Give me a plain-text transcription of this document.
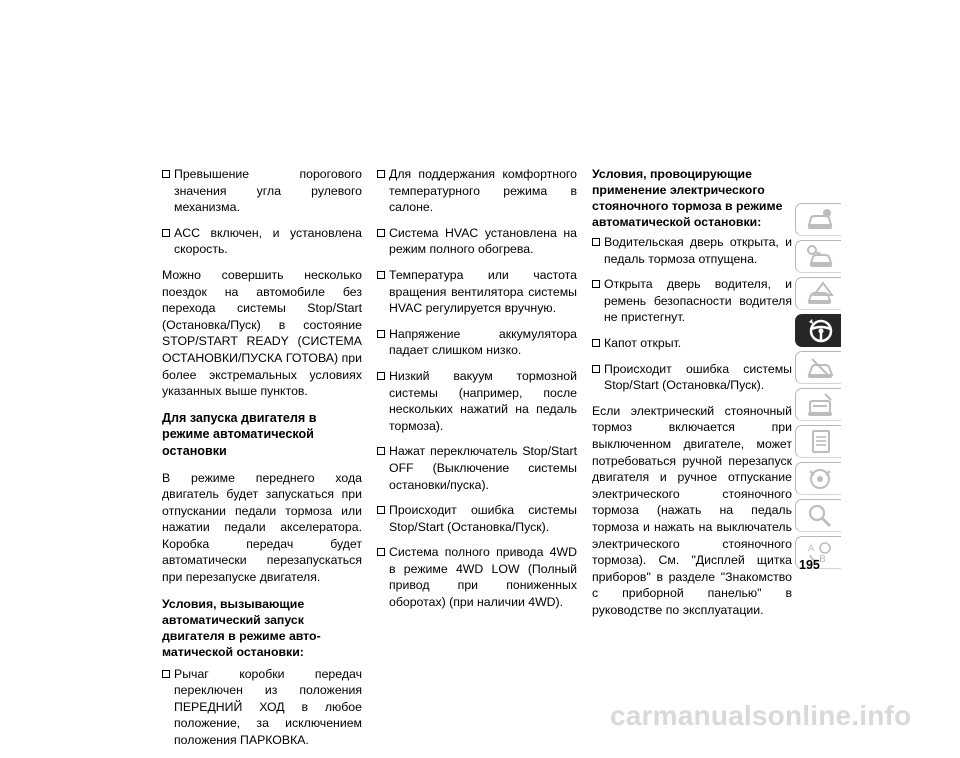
Превышение порогового значения угла рулевого механизма.
ACC включен, и установлена скорость.

Можно совершить несколько поездок на автомобиле без перехода системы Stop/Start (Остановка/Пуск) в состояние STOP/START READY (СИСТЕМА ОСТАНОВКИ/ПУСКА ГОТОВА) при более экстремальных условиях указанных выше пунктов.

Для запуска двигателя в режиме автоматической остановки

В режиме переднего хода двигатель будет запускаться при отпускании педали тормоза или нажатии педали акселератора. Коробка передач будет автоматически перезапускаться при перезапуске двигателя.

Условия, вызывающие автоматический запуск двигателя в режиме автоматической остановки:
Рычаг коробки передач переключен из положения ПЕРЕДНИЙ ХОД в любое положение, за исключением положения ПАРКОВКА.
Для поддержания комфортного температурного режима в салоне.
Система HVAC установлена на режим полного обогрева.
Температура или частота вращения вентилятора системы HVAC регулируется вручную.
Напряжение аккумулятора падает слишком низко.
Низкий вакуум тормозной системы (например, после нескольких нажатий на педаль тормоза).
Нажат переключатель Stop/Start OFF (Выключение системы остановки/пуска).
Происходит ошибка системы Stop/Start (Остановка/Пуск).
Система полного привода 4WD в режиме 4WD LOW (Полный привод при пониженных оборотах) (при наличии 4WD).
Условия, провоцирующие применение электрического стояночного тормоза в режиме автоматической остановки:
Водительская дверь открыта, и педаль тормоза отпущена.
Открыта дверь водителя, и ремень безопасности водителя не пристегнут.
Капот открыт.
Происходит ошибка системы Stop/Start (Остановка/Пуск).

Если электрический стояночный тормоз включается при выключенном двигателе, может потребоваться ручной перезапуск двигателя и ручное отпускание электрического стояночного тормоза (нажать на педаль тормоза и нажать на выключатель электрического стояночного тормоза). См. "Дисплей щитка приборов" в разделе "Знакомство с приборной панелью" в руководстве по эксплуатации.

A
B
195
carmanualsonline.info
